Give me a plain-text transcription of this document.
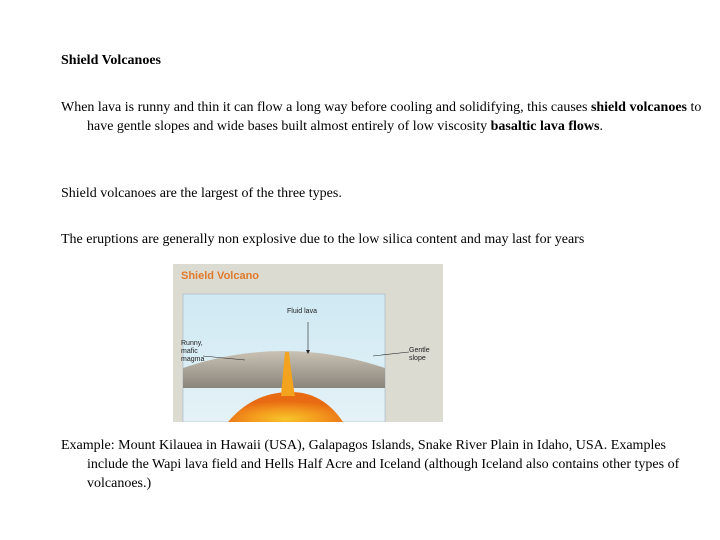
Shield Volcanoes
When lava is runny and thin it can flow a long way before cooling and solidifying, this causes shield volcanoes to have gentle slopes and wide bases built almost entirely of low viscosity basaltic lava flows.
Shield volcanoes are the largest of the three types.
The eruptions are generally non explosive due to the low silica content and may last for years
Shield Volcano
Fluid lava
Runny, mafic magma
Gentle slope
Example: Mount Kilauea in Hawaii (USA), Galapagos Islands, Snake River Plain in Idaho, USA. Examples include the Wapi lava field and Hells Half Acre and Iceland (although Iceland also contains other types of volcanoes.)
